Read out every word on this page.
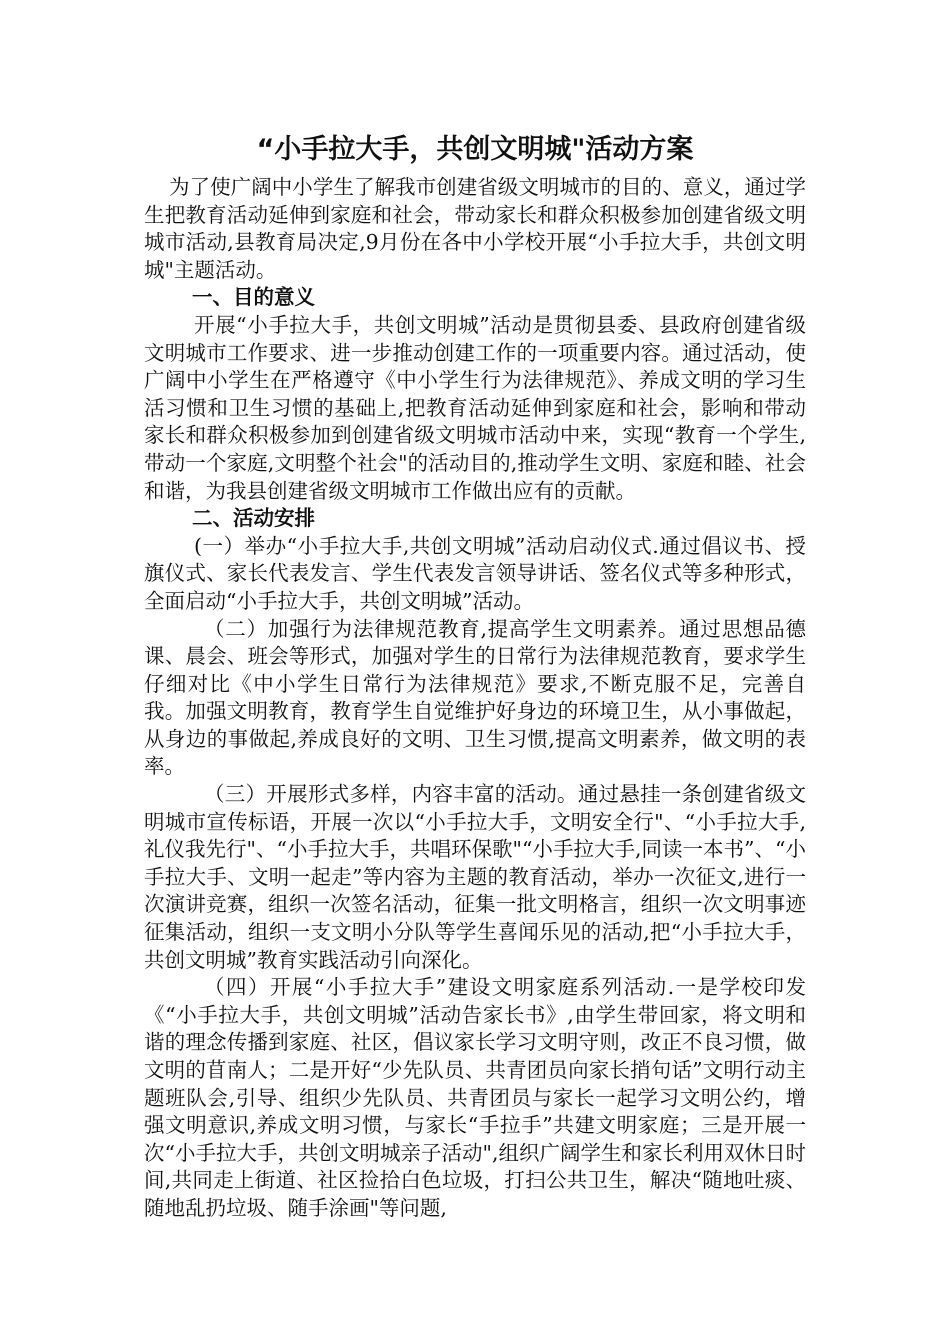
“小手拉大手，共创文明城"活动方案

为了使广阔中小学生了解我市创建省级文明城市的目的、意义，通过学生把教育活动延伸到家庭和社会，带动家长和群众积极参加创建省级文明城市活动,县教育局决定,9月份在各中小学校开展“小手拉大手，共创文明城"主题活动。

一、目的意义

开展“小手拉大手，共创文明城”活动是贯彻县委、县政府创建省级文明城市工作要求、进一步推动创建工作的一项重要内容。通过活动，使广阔中小学生在严格遵守《中小学生行为法律规范》、养成文明的学习生活习惯和卫生习惯的基础上,把教育活动延伸到家庭和社会，影响和带动家长和群众积极参加到创建省级文明城市活动中来，实现“教育一个学生,带动一个家庭,文明整个社会"的活动目的,推动学生文明、家庭和睦、社会和谐，为我县创建省级文明城市工作做出应有的贡献。

二、活动安排

(一）举办“小手拉大手,共创文明城”活动启动仪式.通过倡议书、授旗仪式、家长代表发言、学生代表发言领导讲话、签名仪式等多种形式，全面启动“小手拉大手，共创文明城”活动。

（二）加强行为法律规范教育,提高学生文明素养。通过思想品德课、晨会、班会等形式，加强对学生的日常行为法律规范教育，要求学生仔细对比《中小学生日常行为法律规范》要求,不断克服不足，完善自我。加强文明教育，教育学生自觉维护好身边的环境卫生，从小事做起，从身边的事做起,养成良好的文明、卫生习惯,提高文明素养，做文明的表率。

（三）开展形式多样，内容丰富的活动。通过悬挂一条创建省级文明城市宣传标语，开展一次以“小手拉大手，文明安全行"、“小手拉大手,礼仪我先行"、“小手拉大手，共唱环保歌"“小手拉大手,同读一本书”、“小手拉大手、文明一起走”等内容为主题的教育活动，举办一次征文,进行一次演讲竞赛，组织一次签名活动，征集一批文明格言，组织一次文明事迹征集活动，组织一支文明小分队等学生喜闻乐见的活动,把“小手拉大手，共创文明城”教育实践活动引向深化。

（四）开展“小手拉大手”建设文明家庭系列活动.一是学校印发《“小手拉大手，共创文明城”活动告家长书》,由学生带回家，将文明和谐的理念传播到家庭、社区，倡议家长学习文明守则，改正不良习惯，做文明的苜南人；二是开好“少先队员、共青团员向家长捎句话”文明行动主题班队会,引导、组织少先队员、共青团员与家长一起学习文明公约，增强文明意识,养成文明习惯，与家长“手拉手”共建文明家庭；三是开展一次“小手拉大手，共创文明城亲子活动",组织广阔学生和家长利用双休日时间,共同走上街道、社区捡拾白色垃圾，打扫公共卫生，解决“随地吐痰、随地乱扔垃圾、随手涂画"等问题,
